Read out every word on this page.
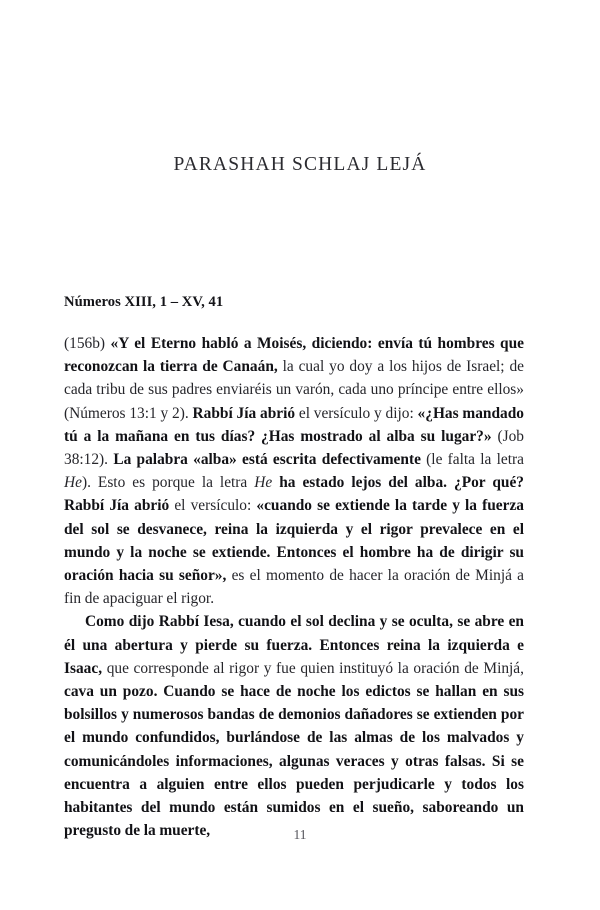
PARASHAH SCHLAJ LEJÁ
Números XIII, 1 – XV, 41

(156b) «Y el Eterno habló a Moisés, diciendo: envía tú hombres que reconozcan la tierra de Canaán, la cual yo doy a los hijos de Israel; de cada tribu de sus padres enviaréis un varón, cada uno príncipe entre ellos» (Números 13:1 y 2). Rabbí Jía abrió el versículo y dijo: «¿Has mandado tú a la mañana en tus días? ¿Has mostrado al alba su lugar?» (Job 38:12). La palabra «alba» está escrita defectivamente (le falta la letra He). Esto es porque la letra He ha estado lejos del alba. ¿Por qué? Rabbí Jía abrió el versículo: «cuando se extiende la tarde y la fuerza del sol se desvanece, reina la izquierda y el rigor prevalece en el mundo y la noche se extiende. Entonces el hombre ha de dirigir su oración hacia su señor», es el momento de hacer la oración de Minjá a fin de apaciguar el rigor.

Como dijo Rabbí Iesa, cuando el sol declina y se oculta, se abre en él una abertura y pierde su fuerza. Entonces reina la izquierda e Isaac, que corresponde al rigor y fue quien instituyó la oración de Minjá, cava un pozo. Cuando se hace de noche los edictos se hallan en sus bolsillos y numerosos bandas de demonios dañadores se extienden por el mundo confundidos, burlándose de las almas de los malvados y comunicándoles informaciones, algunas veraces y otras falsas. Si se encuentra a alguien entre ellos pueden perjudicarle y todos los habitantes del mundo están sumidos en el sueño, saboreando un pregusto de la muerte,	11
